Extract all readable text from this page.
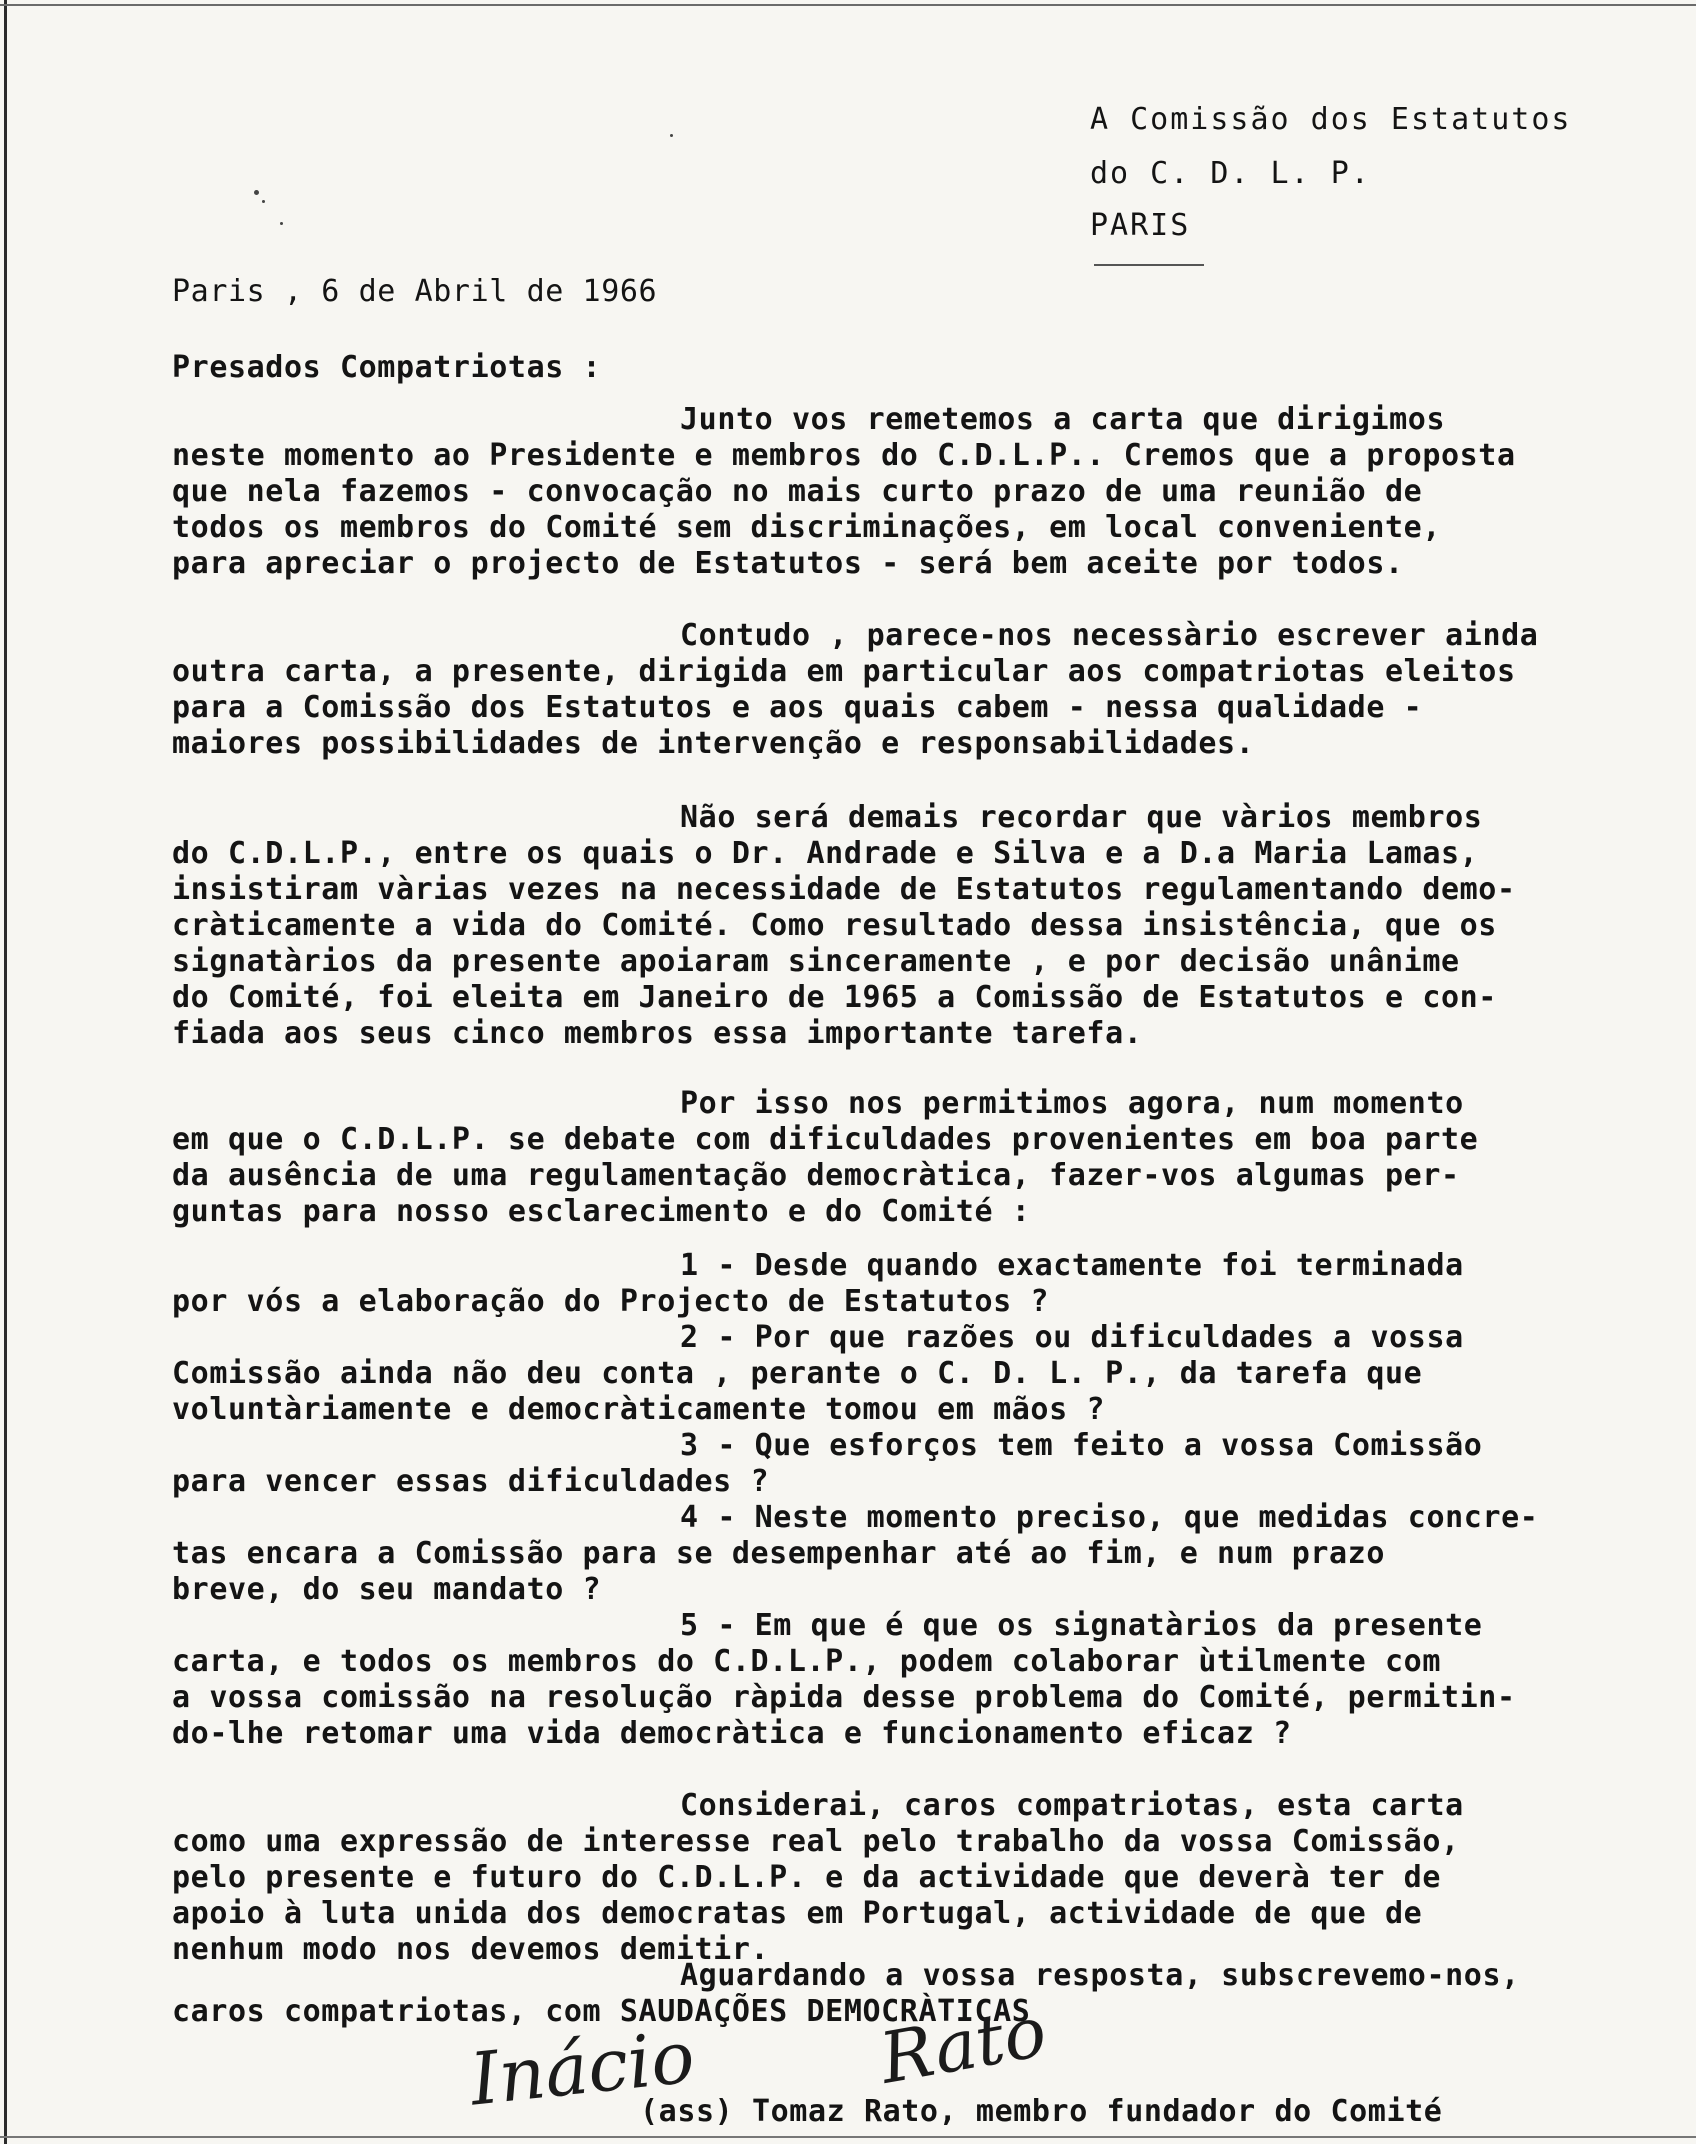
A Comissão dos Estatutos
do C. D. L. P.
PARIS
Paris , 6 de Abril de 1966
Presados Compatriotas :
Junto vos remetemos a carta que dirigimos
neste momento ao Presidente e membros do C.D.L.P.. Cremos que a proposta
que nela fazemos - convocação no mais curto prazo de uma reunião de
todos os membros do Comité sem discriminações, em local conveniente,
para apreciar o projecto de Estatutos - será bem aceite por todos.
Contudo , parece-nos necessàrio escrever ainda
outra carta, a presente, dirigida em particular aos compatriotas eleitos
para a Comissão dos Estatutos e aos quais cabem - nessa qualidade -
maiores possibilidades de intervenção e responsabilidades.
Não será demais recordar que vàrios membros
do C.D.L.P., entre os quais o Dr. Andrade e Silva e a D.a Maria Lamas,
insistiram vàrias vezes na necessidade de Estatutos regulamentando demo-
cràticamente a vida do Comité. Como resultado dessa insistência, que os
signatàrios da presente apoiaram sinceramente , e por decisão unânime
do Comité, foi eleita em Janeiro de 1965 a Comissão de Estatutos e con-
fiada aos seus cinco membros essa importante tarefa.
Por isso nos permitimos agora, num momento
em que o C.D.L.P. se debate com dificuldades provenientes em boa parte
da ausência de uma regulamentação democràtica, fazer-vos algumas per-
guntas para nosso esclarecimento e do Comité :
1 - Desde quando exactamente foi terminada
por vós a elaboração do Projecto de Estatutos ?
2 - Por que razões ou dificuldades a vossa
Comissão ainda não deu conta , perante o C. D. L. P., da tarefa que
voluntàriamente e democràticamente tomou em mãos ?
3 - Que esforços tem feito a vossa Comissão
para vencer essas dificuldades ?
4 - Neste momento preciso, que medidas concre-
tas encara a Comissão para se desempenhar até ao fim, e num prazo
breve, do seu mandato ?
5 - Em que é que os signatàrios da presente
carta, e todos os membros do C.D.L.P., podem colaborar ùtilmente com
a vossa comissão na resolução ràpida desse problema do Comité, permitin-
do-lhe retomar uma vida democràtica e funcionamento eficaz ?
Considerai, caros compatriotas, esta carta
como uma expressão de interesse real pelo trabalho da vossa Comissão,
pelo presente e futuro do C.D.L.P. e da actividade que deverà ter de
apoio à luta unida dos democratas em Portugal, actividade de que de
nenhum modo nos devemos demitir.
Aguardando a vossa resposta, subscrevemo-nos,
caros compatriotas, com SAUDAÇÕES DEMOCRÀTICAS
Inácio	Rato
(ass) Tomaz Rato, membro fundador do Comité
